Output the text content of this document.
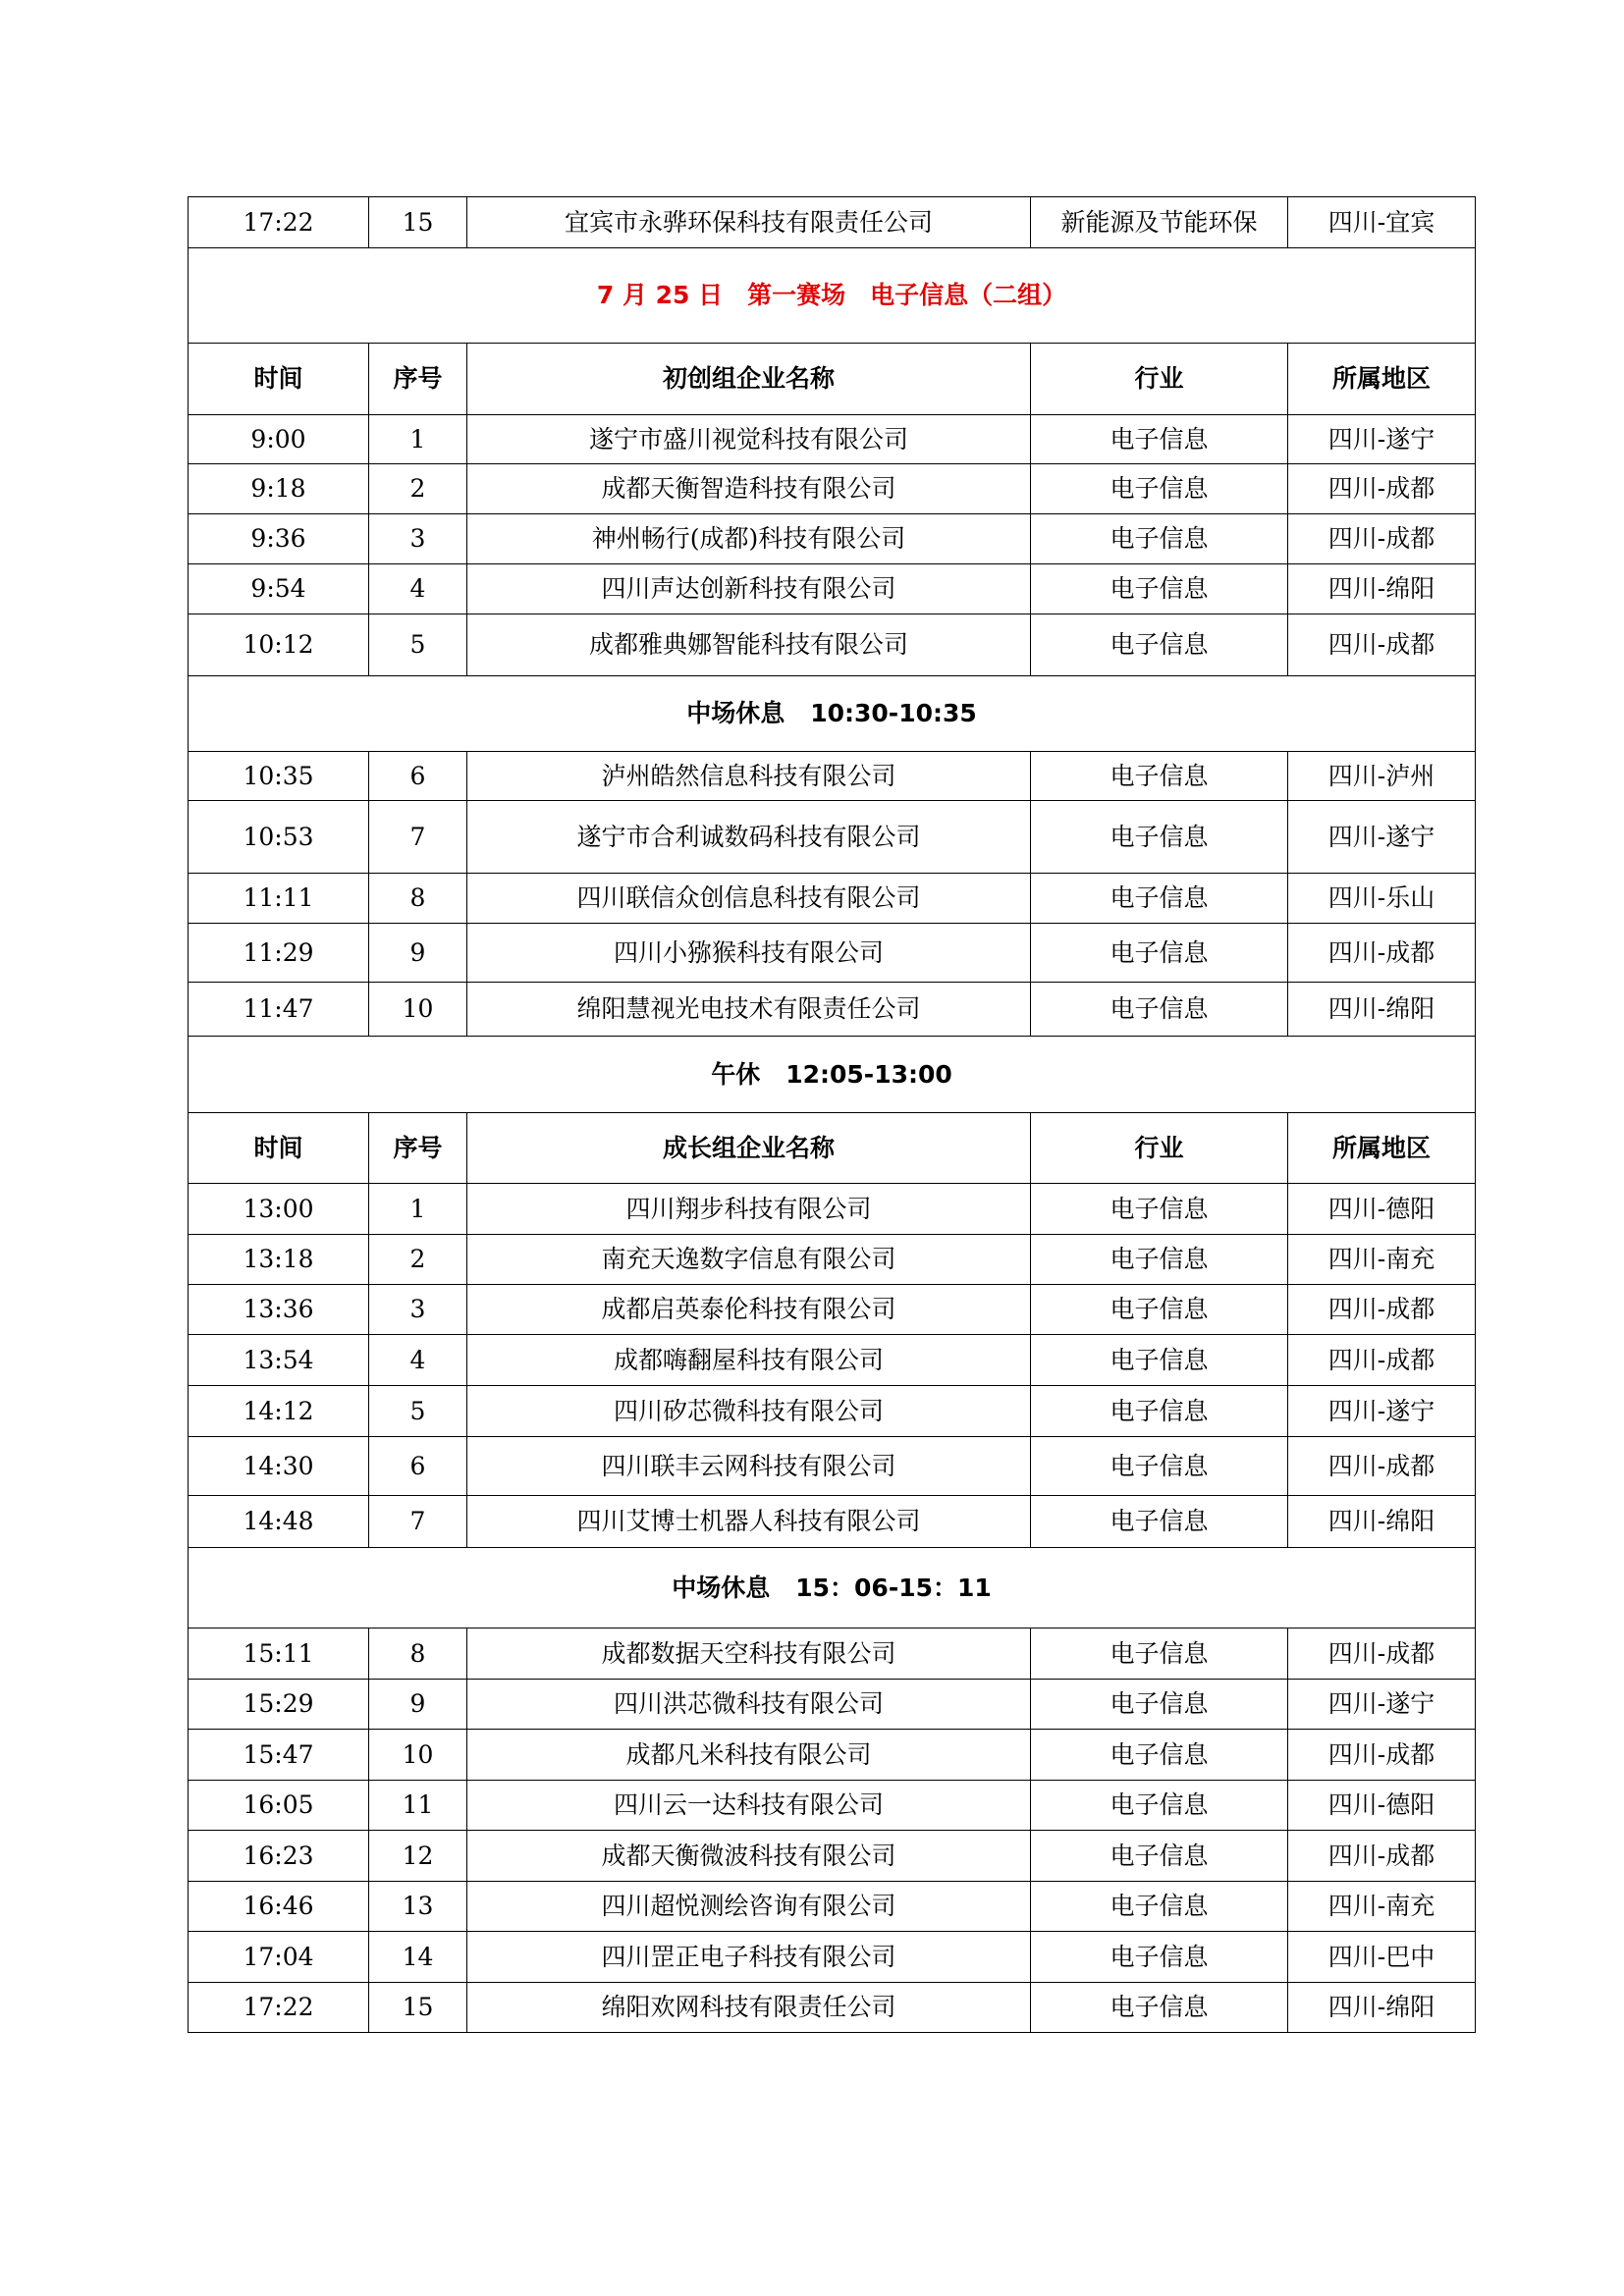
17:22	15	宜宾市永骅环保科技有限责任公司	新能源及节能环保	四川-宜宾
7 月 25 日　第一赛场　电子信息（二组）				
时间	序号	初创组企业名称	行业	所属地区
9:00	1	遂宁市盛川视觉科技有限公司	电子信息	四川-遂宁
9:18	2	成都天衡智造科技有限公司	电子信息	四川-成都
9:36	3	神州畅行(成都)科技有限公司	电子信息	四川-成都
9:54	4	四川声达创新科技有限公司	电子信息	四川-绵阳
10:12	5	成都雅典娜智能科技有限公司	电子信息	四川-成都
中场休息 10:30-10:35				
10:35	6	泸州皓然信息科技有限公司	电子信息	四川-泸州
10:53	7	遂宁市合利诚数码科技有限公司	电子信息	四川-遂宁
11:11	8	四川联信众创信息科技有限公司	电子信息	四川-乐山
11:29	9	四川小猕猴科技有限公司	电子信息	四川-成都
11:47	10	绵阳慧视光电技术有限责任公司	电子信息	四川-绵阳
午休 12:05-13:00				
时间	序号	成长组企业名称	行业	所属地区
13:00	1	四川翔步科技有限公司	电子信息	四川-德阳
13:18	2	南充天逸数字信息有限公司	电子信息	四川-南充
13:36	3	成都启英泰伦科技有限公司	电子信息	四川-成都
13:54	4	成都嗨翻屋科技有限公司	电子信息	四川-成都
14:12	5	四川矽芯微科技有限公司	电子信息	四川-遂宁
14:30	6	四川联丰云网科技有限公司	电子信息	四川-成都
14:48	7	四川艾博士机器人科技有限公司	电子信息	四川-绵阳
中场休息 15：06-15：11				
15:11	8	成都数据天空科技有限公司	电子信息	四川-成都
15:29	9	四川洪芯微科技有限公司	电子信息	四川-遂宁
15:47	10	成都凡米科技有限公司	电子信息	四川-成都
16:05	11	四川云一达科技有限公司	电子信息	四川-德阳
16:23	12	成都天衡微波科技有限公司	电子信息	四川-成都
16:46	13	四川超悦测绘咨询有限公司	电子信息	四川-南充
17:04	14	四川罡正电子科技有限公司	电子信息	四川-巴中
17:22	15	绵阳欢网科技有限责任公司	电子信息	四川-绵阳
